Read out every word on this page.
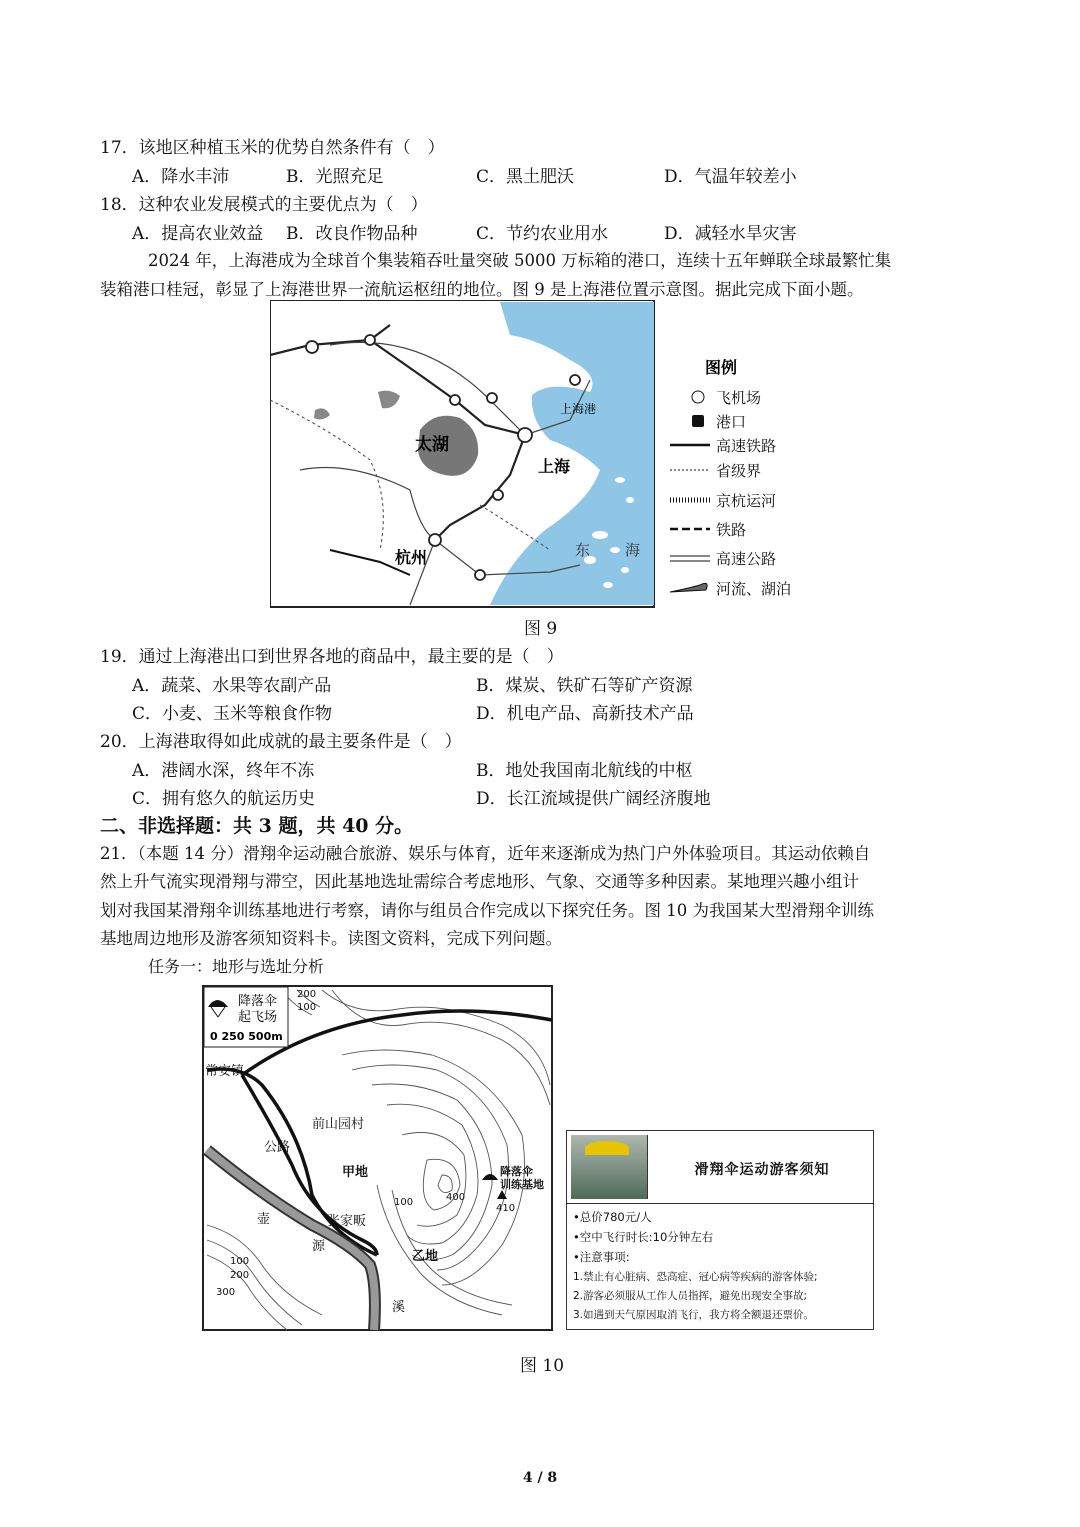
17．该地区种植玉米的优势自然条件有（　）
A．降水丰沛	B．光照充足	C．黑土肥沃	D．气温年较差小
18．这种农业发展模式的主要优点为（　）
A．提高农业效益 B．改良作物品种	C．节约农业用水	D．减轻水旱灾害
2024 年，上海港成为全球首个集装箱吞吐量突破 5000 万标箱的港口，连续十五年蝉联全球最繁忙集
装箱港口桂冠，彰显了上海港世界一流航运枢纽的地位。图 9 是上海港位置示意图。据此完成下面小题。
太湖
上海
杭州
上海港
东 海
图例
飞机场
港口
高速铁路
省级界
京杭运河
铁路
高速公路
河流、湖泊
图 9
19．通过上海港出口到世界各地的商品中，最主要的是（　）
A．蔬菜、水果等农副产品	B．煤炭、铁矿石等矿产资源
C．小麦、玉米等粮食作物	D．机电产品、高新技术产品
20．上海港取得如此成就的最主要条件是（　）
A．港阔水深，终年不冻	B．地处我国南北航线的中枢
C．拥有悠久的航运历史	D．长江流域提供广阔经济腹地
二、非选择题：共 3 题，共 40 分。
21．（本题 14 分）滑翔伞运动融合旅游、娱乐与体育，近年来逐渐成为热门户外体验项目。其运动依赖自
然上升气流实现滑翔与滞空，因此基地选址需综合考虑地形、气象、交通等多种因素。某地理兴趣小组计
划对我国某滑翔伞训练基地进行考察，请你与组员合作完成以下探究任务。图 10 为我国某大型滑翔伞训练
基地周边地形及游客须知资料卡。读图文资料，完成下列问题。
任务一：地形与选址分析
降落伞
起飞场
0 250 500m
常安镇
前山园村
公路
甲地
张家畈
乙地
降落伞
训练基地
410
壶
源
溪
100
200
300
200
100
100	400
滑翔伞运动游客须知
•总价780元/人
•空中飞行时长:10分钟左右
•注意事项:
1.禁止有心脏病、恐高症、冠心病等疾病的游客体验;
2.游客必须服从工作人员指挥，避免出现安全事故;
3.如遇到天气原因取消飞行，我方将全额退还票价。
图 10
4 / 8
